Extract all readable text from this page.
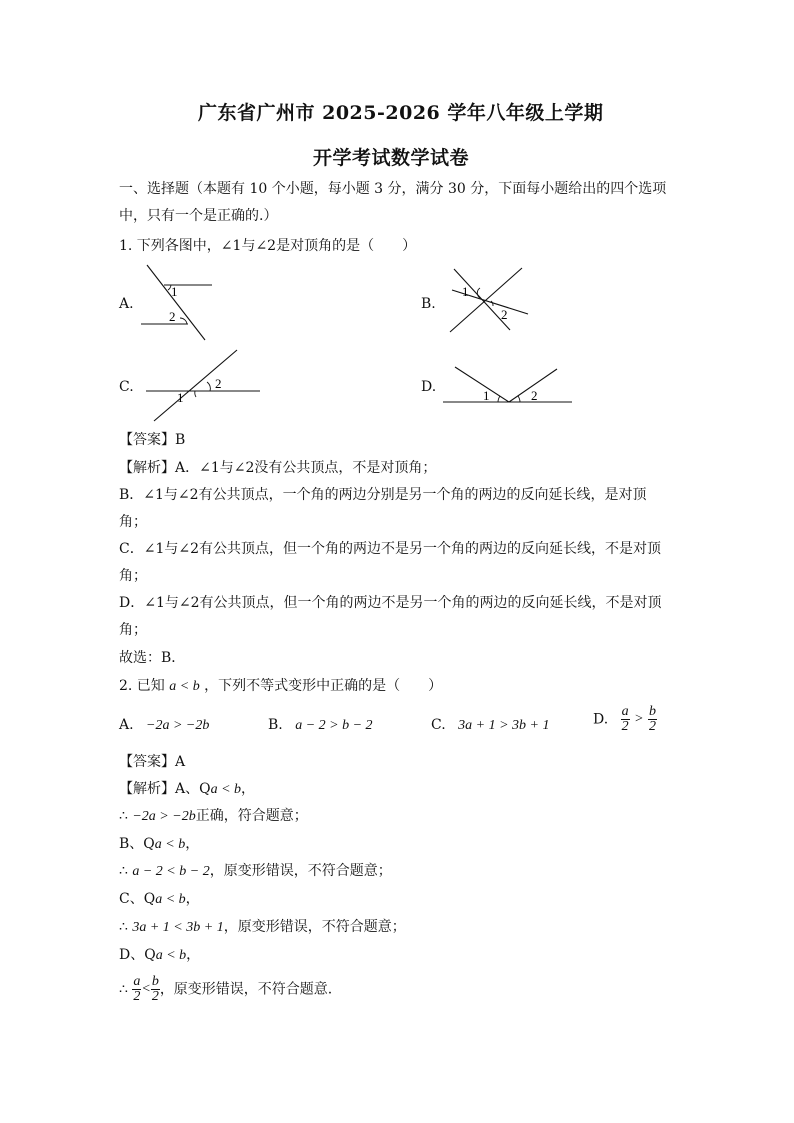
广东省广州市 2025-2026 学年八年级上学期
开学考试数学试卷
一、选择题（本题有 10 个小题，每小题 3 分，满分 30 分，下面每小题给出的四个选项
中，只有一个是正确的.）
1. 下列各图中，∠1与∠2是对顶角的是（　　）
A.	B.
C.	D.
1
2
1
2
1
2
1	2
【答案】B
【解析】A．∠1与∠2没有公共顶点，不是对顶角；
B．∠1与∠2有公共顶点，一个角的两边分别是另一个角的两边的反向延长线，是对顶
角；
C．∠1与∠2有公共顶点，但一个角的两边不是另一个角的两边的反向延长线，不是对顶
角；
D．∠1与∠2有公共顶点，但一个角的两边不是另一个角的两边的反向延长线，不是对顶
角；
故选：B．
2. 已知 a < b ，下列不等式变形中正确的是（　　）
A. −2a > −2b	B. a − 2 > b − 2	C. 3a + 1 > 3b + 1	D. $\frac{a}{2} > \frac{b}{2}$
【答案】A
【解析】A、Qa < b，
∴ −2a > −2b正确，符合题意；
B、Qa < b，
∴ a − 2 < b − 2，原变形错误，不符合题意；
C、Qa < b，
∴ 3a + 1 < 3b + 1，原变形错误，不符合题意；
D、Qa < b，
∴ $\frac{a}{2} < \frac{b}{2}$ ，原变形错误，不符合题意.
